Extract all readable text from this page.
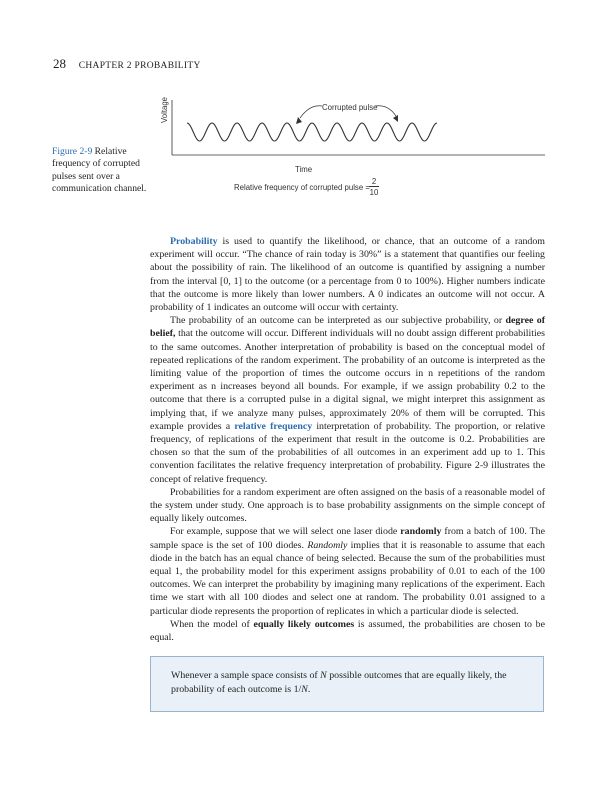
28 CHAPTER 2 PROBABILITY
Figure 2-9 Relative frequency of corrupted pulses sent over a communication channel.
Voltage
Time
Corrupted pulse
Relative frequency of corrupted pulse =
2
10

Probability is used to quantify the likelihood, or chance, that an outcome of a random experiment will occur. “The chance of rain today is 30%” is a statement that quantifies our feeling about the possibility of rain. The likelihood of an outcome is quantified by assigning a number from the interval [0, 1] to the outcome (or a percentage from 0 to 100%). Higher numbers indicate that the outcome is more likely than lower numbers. A 0 indicates an outcome will not occur. A probability of 1 indicates an outcome will occur with certainty.

The probability of an outcome can be interpreted as our subjective probability, or degree of belief, that the outcome will occur. Different individuals will no doubt assign different probabilities to the same outcomes. Another interpretation of probability is based on the conceptual model of repeated replications of the random experiment. The probability of an outcome is interpreted as the limiting value of the proportion of times the outcome occurs in n repetitions of the random experiment as n increases beyond all bounds. For example, if we assign probability 0.2 to the outcome that there is a corrupted pulse in a digital signal, we might interpret this assignment as implying that, if we analyze many pulses, approximately 20% of them will be corrupted. This example provides a relative frequency interpretation of probability. The proportion, or relative frequency, of replications of the experiment that result in the outcome is 0.2. Probabilities are chosen so that the sum of the probabilities of all outcomes in an experiment add up to 1. This convention facilitates the relative frequency interpretation of probability. Figure 2-9 illustrates the concept of relative frequency.

Probabilities for a random experiment are often assigned on the basis of a reasonable model of the system under study. One approach is to base probability assignments on the simple concept of equally likely outcomes.

For example, suppose that we will select one laser diode randomly from a batch of 100. The sample space is the set of 100 diodes. Randomly implies that it is reasonable to assume that each diode in the batch has an equal chance of being selected. Because the sum of the probabilities must equal 1, the probability model for this experiment assigns probability of 0.01 to each of the 100 outcomes. We can interpret the probability by imagining many replications of the experiment. Each time we start with all 100 diodes and select one at random. The probability 0.01 assigned to a particular diode represents the proportion of replicates in which a particular diode is selected.

When the model of equally likely outcomes is assumed, the probabilities are chosen to be equal.

Whenever a sample space consists of N possible outcomes that are equally likely, the probability of each outcome is 1/N.
